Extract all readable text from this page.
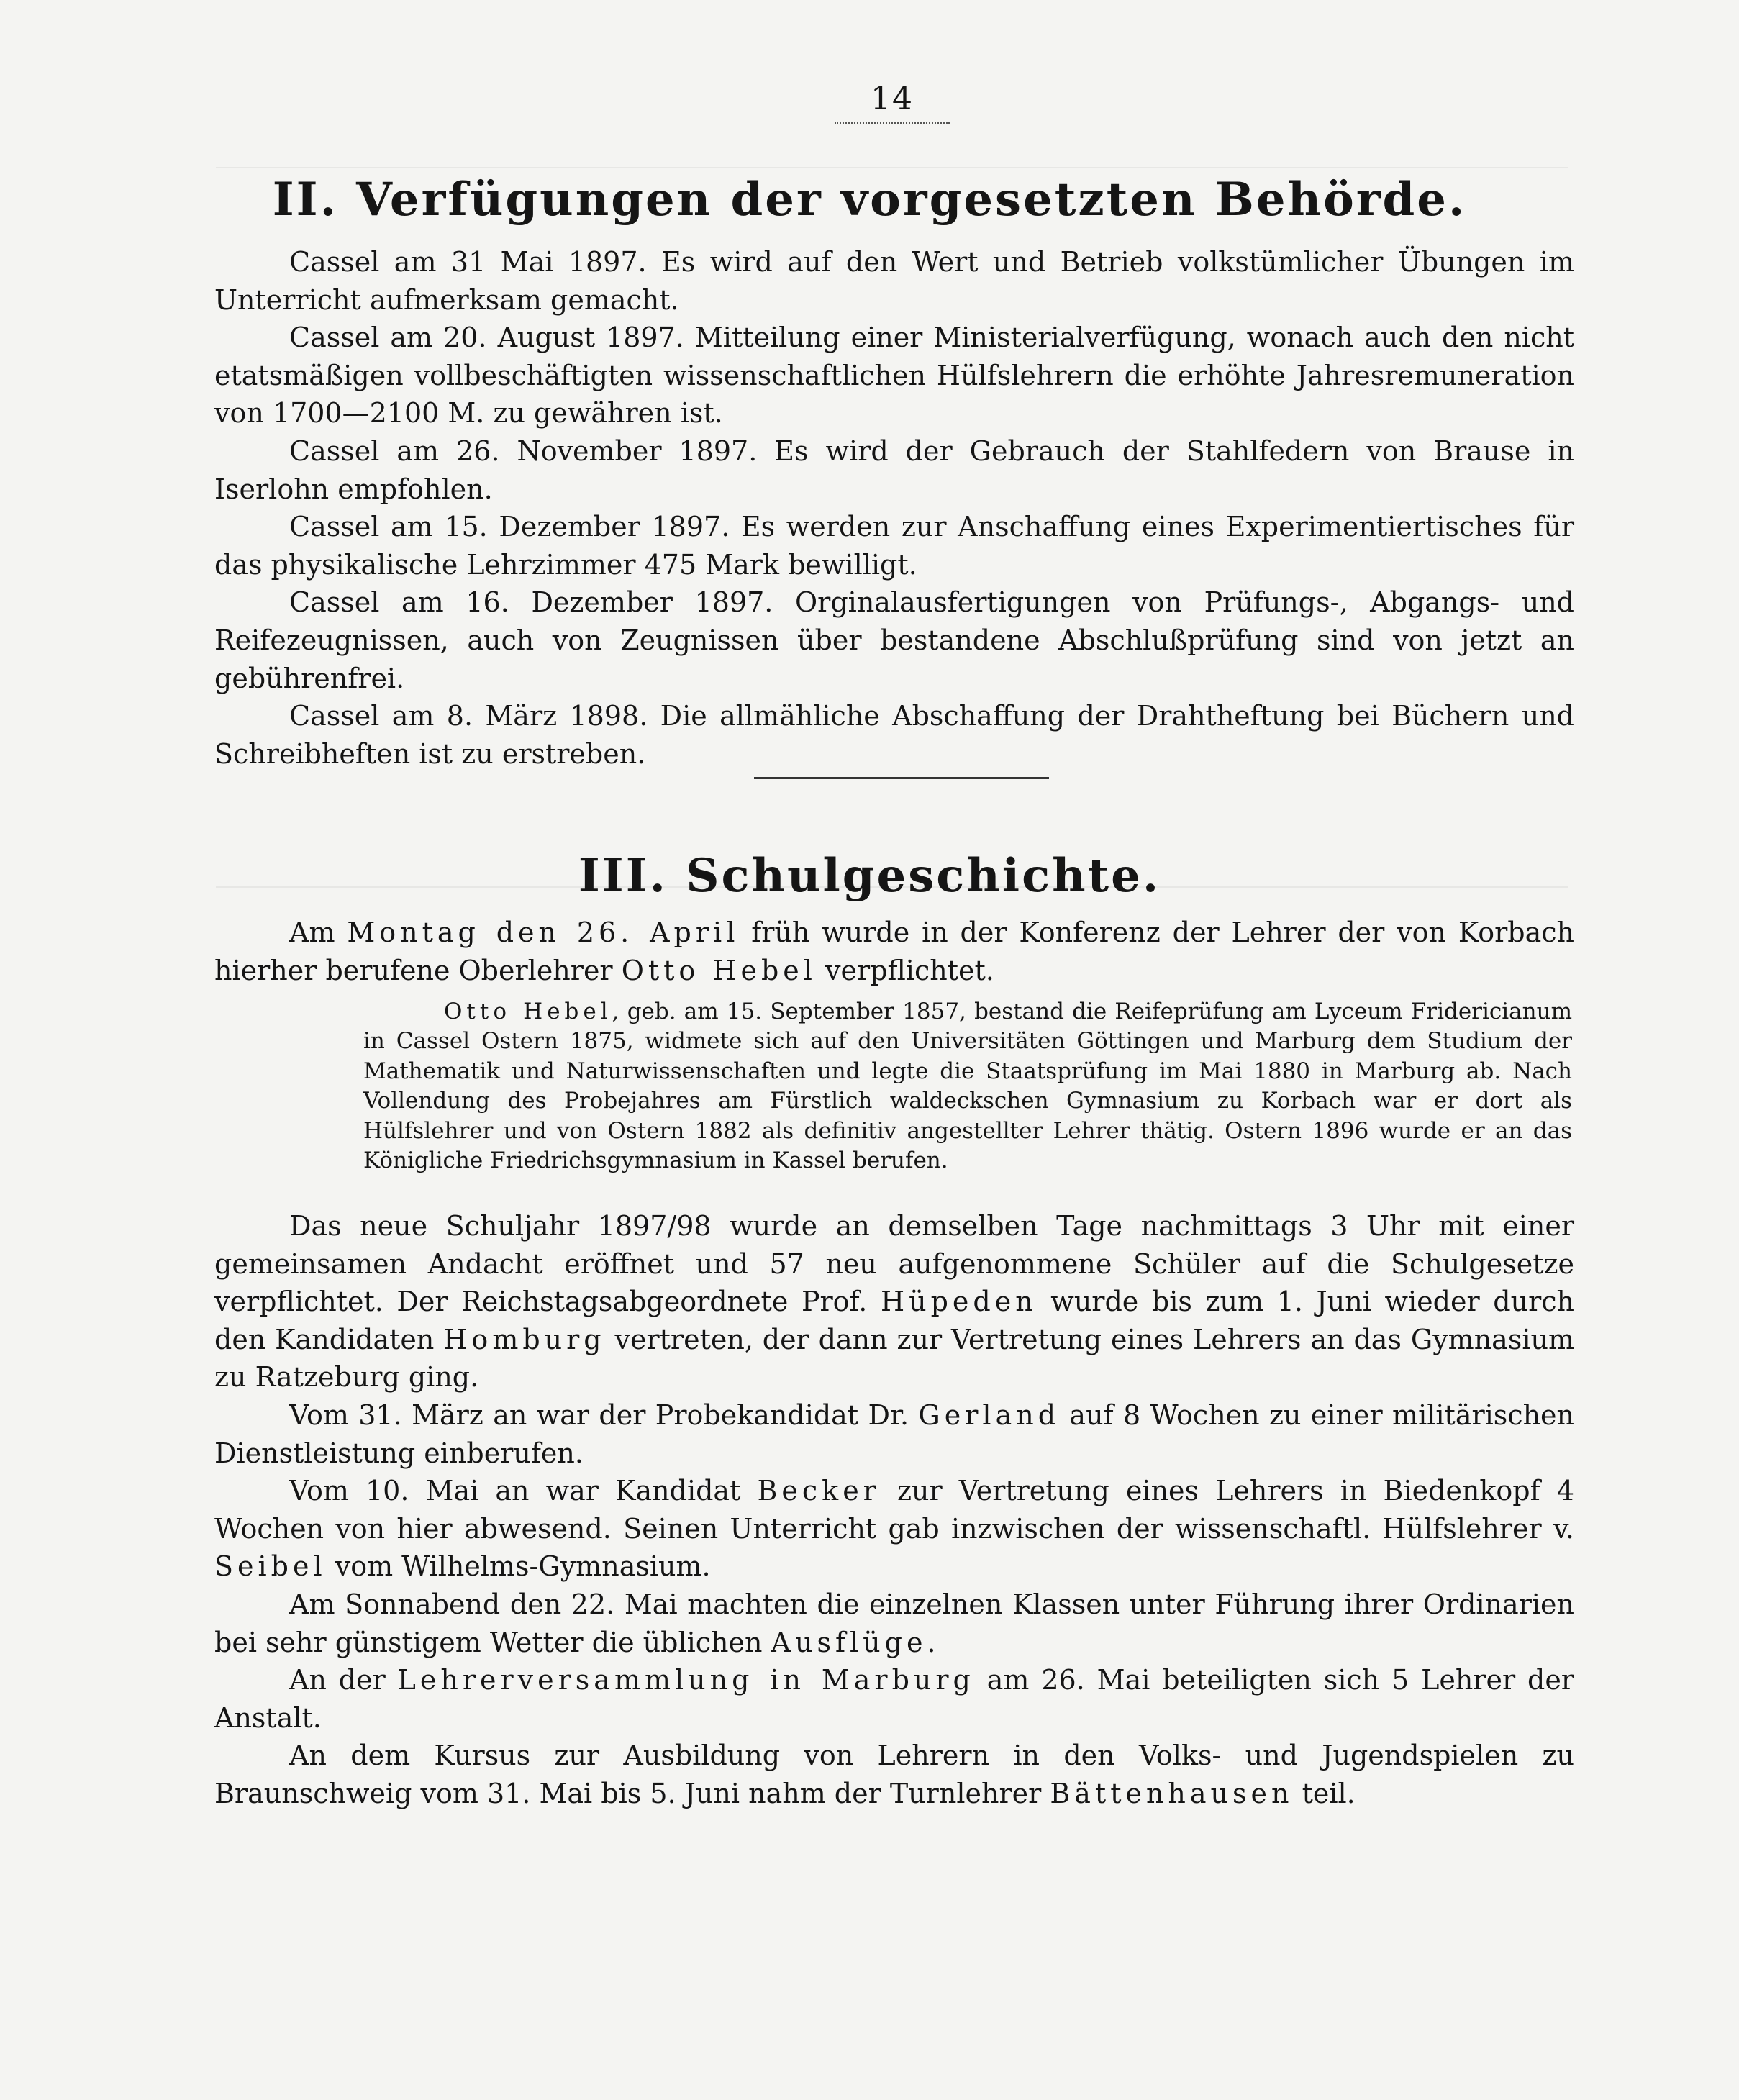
14
II. Verfügungen der vorgesetzten Behörde.

Cassel am 31 Mai 1897. Es wird auf den Wert und Betrieb volkstümlicher Übungen im Unterricht aufmerksam gemacht.

Cassel am 20. August 1897. Mitteilung einer Ministerialverfügung, wonach auch den nicht etatsmäßigen vollbeschäftigten wissenschaftlichen Hülfslehrern die erhöhte Jahresremuneration von 1700—2100 M. zu gewähren ist.

Cassel am 26. November 1897. Es wird der Gebrauch der Stahlfedern von Brause in Iserlohn empfohlen.

Cassel am 15. Dezember 1897. Es werden zur Anschaffung eines Experimentiertisches für das physikalische Lehrzimmer 475 Mark bewilligt.

Cassel am 16. Dezember 1897. Orginalausfertigungen von Prüfungs-, Abgangs- und Reifezeugnissen, auch von Zeugnissen über bestandene Abschlußprüfung sind von jetzt an gebührenfrei.

Cassel am 8. März 1898. Die allmähliche Abschaffung der Drahtheftung bei Büchern und Schreibheften ist zu erstreben.

III. Schulgeschichte.

Am Montag den 26. April früh wurde in der Konferenz der Lehrer der von Korbach hierher berufene Oberlehrer Otto Hebel verpflichtet.

Otto Hebel, geb. am 15. September 1857, bestand die Reifeprüfung am Lyceum Fridericianum in Cassel Ostern 1875, widmete sich auf den Universitäten Göttingen und Marburg dem Studium der Mathematik und Naturwissenschaften und legte die Staatsprüfung im Mai 1880 in Marburg ab. Nach Vollendung des Probejahres am Fürstlich waldeckschen Gymnasium zu Korbach war er dort als Hülfslehrer und von Ostern 1882 als definitiv angestellter Lehrer thätig. Ostern 1896 wurde er an das Königliche Friedrichsgymnasium in Kassel berufen.

Das neue Schuljahr 1897/98 wurde an demselben Tage nachmittags 3 Uhr mit einer gemeinsamen Andacht eröffnet und 57 neu aufgenommene Schüler auf die Schulgesetze verpflichtet. Der Reichstagsabgeordnete Prof. Hüpeden wurde bis zum 1. Juni wieder durch den Kandidaten Homburg vertreten, der dann zur Vertretung eines Lehrers an das Gymnasium zu Ratzeburg ging.

Vom 31. März an war der Probekandidat Dr. Gerland auf 8 Wochen zu einer militärischen Dienstleistung einberufen.

Vom 10. Mai an war Kandidat Becker zur Vertretung eines Lehrers in Biedenkopf 4 Wochen von hier abwesend. Seinen Unterricht gab inzwischen der wissenschaftl. Hülfslehrer v. Seibel vom Wilhelms-Gymnasium.

Am Sonnabend den 22. Mai machten die einzelnen Klassen unter Führung ihrer Ordinarien bei sehr günstigem Wetter die üblichen Ausflüge.

An der Lehrerversammlung in Marburg am 26. Mai beteiligten sich 5 Lehrer der Anstalt.

An dem Kursus zur Ausbildung von Lehrern in den Volks- und Jugendspielen zu Braunschweig vom 31. Mai bis 5. Juni nahm der Turnlehrer Bättenhausen teil.
